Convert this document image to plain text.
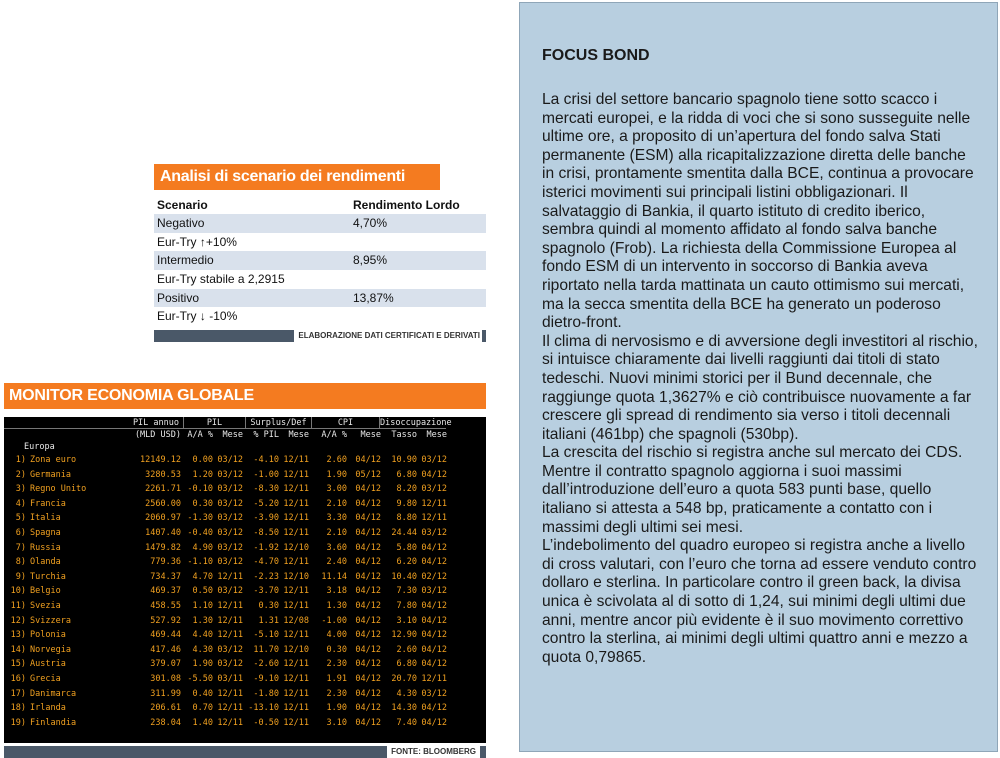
Analisi di scenario dei rendimenti
Scenario	Rendimento Lordo
Negativo	4,70%
Eur-Try ↑+10%
Intermedio	8,95%
Eur-Try stabile a 2,2915
Positivo	13,87%
Eur-Try ↓ -10%
ELABORAZIONE DATI CERTIFICATI E DERIVATI
MONITOR ECONOMIA GLOBALE
PIL annuo	PIL	Surplus/Def	CPI	Disoccupazione
(MLD USD) A/A %	Mese	% PIL	Mese	A/A %	Mese	Tasso	Mese
Europa
1) Zona euro	12149.12	0.00 03/12	-4.10 12/11	2.60 04/12	10.90 03/12
2) Germania	3280.53	1.20 03/12	-1.00 12/11	1.90 05/12	6.80 04/12
3) Regno Unito	2261.71 -0.10 03/12	-8.30 12/11	3.00 04/12	8.20 03/12
4) Francia	2560.00	0.30 03/12	-5.20 12/11	2.10 04/12	9.80 12/11
5) Italia	2060.97 -1.30 03/12	-3.90 12/11	3.30 04/12	8.80 12/11
6) Spagna	1407.40 -0.40 03/12	-8.50 12/11	2.10 04/12	24.44 03/12
7) Russia	1479.82	4.90 03/12	-1.92 12/10	3.60 04/12	5.80 04/12
8) Olanda	779.36 -1.10 03/12	-4.70 12/11	2.40 04/12	6.20 04/12
9) Turchia	734.37	4.70 12/11	-2.23 12/10	11.14 04/12	10.40 02/12
10) Belgio	469.37	0.50 03/12	-3.70 12/11	3.18 04/12	7.30 03/12
11) Svezia	458.55	1.10 12/11	0.30 12/11	1.30 04/12	7.80 04/12
12) Svizzera	527.92	1.30 12/11	1.31 12/08	-1.00 04/12	3.10 04/12
13) Polonia	469.44	4.40 12/11	-5.10 12/11	4.00 04/12	12.90 04/12
14) Norvegia	417.46	4.30 03/12	11.70 12/10	0.30 04/12	2.60 04/12
15) Austria	379.07	1.90 03/12	-2.60 12/11	2.30 04/12	6.80 04/12
16) Grecia	301.08 -5.50 03/11	-9.10 12/11	1.91 04/12	20.70 12/11
17) Danimarca	311.99	0.40 12/11	-1.80 12/11	2.30 04/12	4.30 03/12
18) Irlanda	206.61	0.70 12/11 -13.10 12/11	1.90 04/12	14.30 04/12
19) Finlandia	238.04	1.40 12/11	-0.50 12/11	3.10 04/12	7.40 04/12
FONTE: BLOOMBERG
FOCUS BOND

La crisi del settore bancario spagnolo tiene sotto scacco i mercati europei, e la ridda di voci che si sono susseguite nelle ultime ore, a proposito di un’apertura del fondo salva Stati permanente (ESM) alla ricapitalizzazione diretta delle banche in crisi, prontamente smentita dalla BCE, continua a provocare isterici movimenti sui principali listini obbligazionari. Il salvataggio di Bankia, il quarto istituto di credito iberico, sembra quindi al momento affidato al fondo salva banche spagnolo (Frob). La richiesta della Commissione Europea al fondo ESM di un intervento in soccorso di Bankia aveva riportato nella tarda mattinata un cauto ottimismo sui mercati, ma la secca smentita della BCE ha generato un poderoso dietro-front.

Il clima di nervosismo e di avversione degli investitori al rischio, si intuisce chiaramente dai livelli raggiunti dai titoli di stato tedeschi. Nuovi minimi storici per il Bund decennale, che raggiunge quota 1,3627% e ciò contribuisce nuovamente a far crescere gli spread di rendimento sia verso i titoli decennali italiani (461bp) che spagnoli (530bp).

La crescita del rischio si registra anche sul mercato dei CDS. Mentre il contratto spagnolo aggiorna i suoi massimi dall’introduzione dell’euro a quota 583 punti base, quello italiano si attesta a 548 bp, praticamente a contatto con i massimi degli ultimi sei mesi.

L’indebolimento del quadro europeo si registra anche a livello di cross valutari, con l’euro che torna ad essere venduto contro dollaro e sterlina. In particolare contro il green back, la divisa unica è scivolata al di sotto di 1,24, sui minimi degli ultimi due anni, mentre ancor più evidente è il suo movimento correttivo contro la sterlina, ai minimi degli ultimi quattro anni e mezzo a quota 0,79865.
